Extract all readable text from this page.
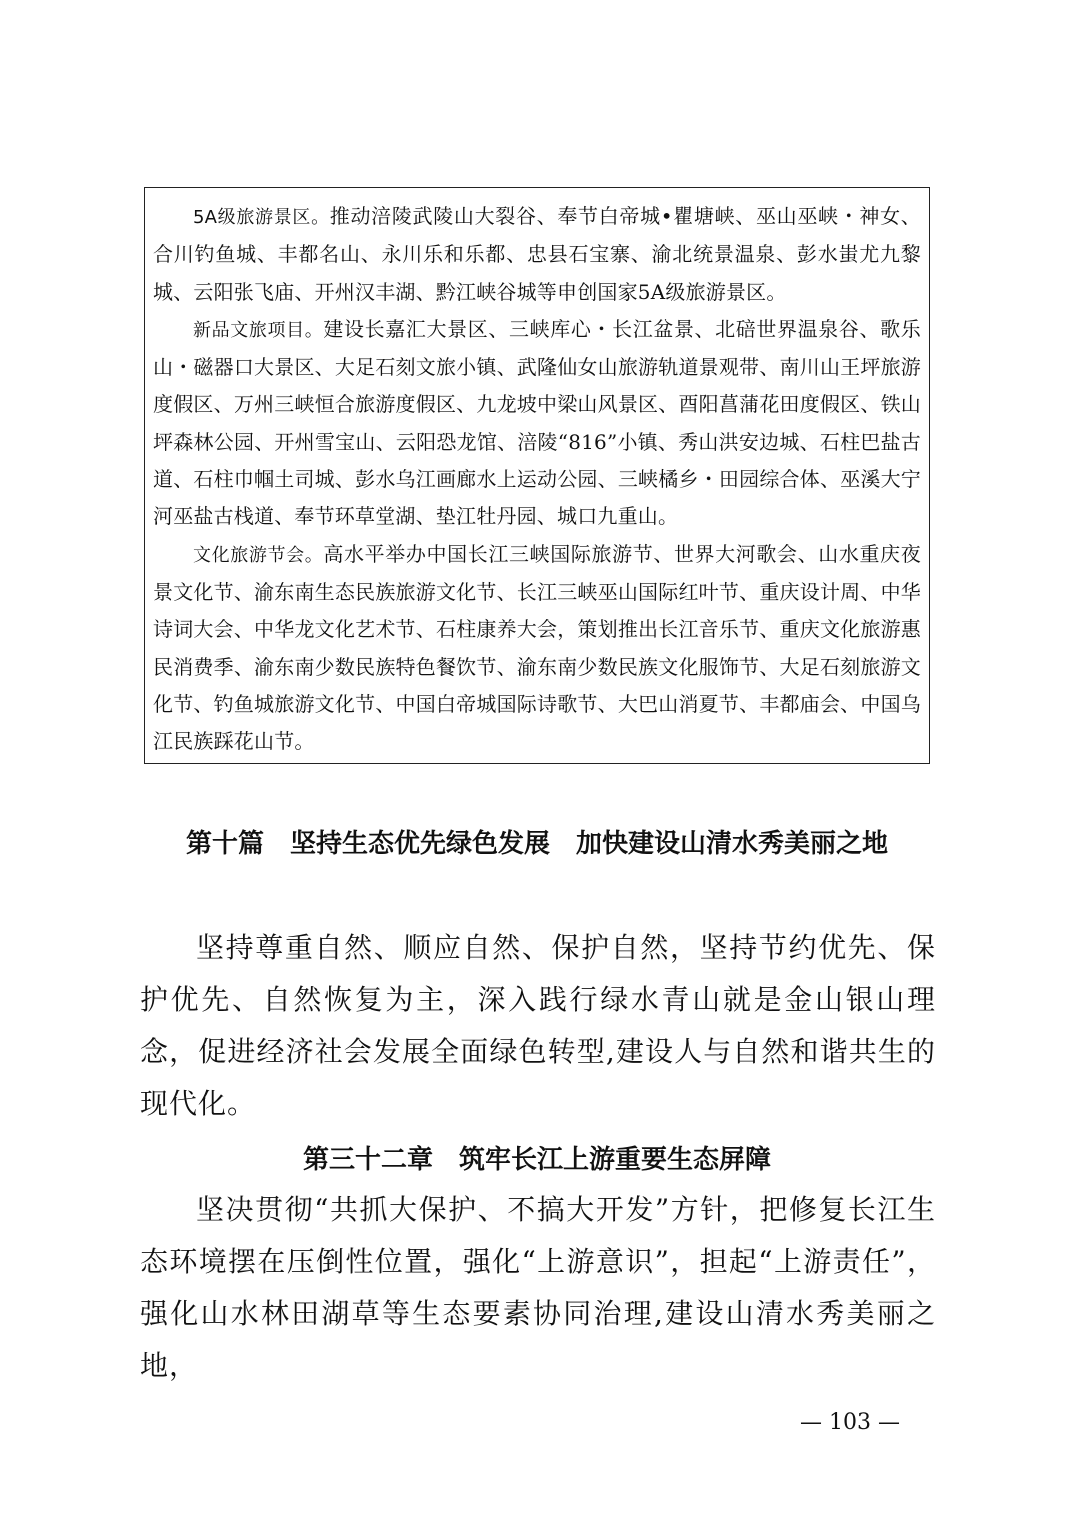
5A级旅游景区。推动涪陵武陵山大裂谷、奉节白帝城•瞿塘峡、巫山巫峡・神女、合川钓鱼城、丰都名山、永川乐和乐都、忠县石宝寨、渝北统景温泉、彭水蚩尤九黎城、云阳张飞庙、开州汉丰湖、黔江峡谷城等申创国家5A级旅游景区。

新品文旅项目。建设长嘉汇大景区、三峡库心・长江盆景、北碚世界温泉谷、歌乐山・磁器口大景区、大足石刻文旅小镇、武隆仙女山旅游轨道景观带、南川山王坪旅游度假区、万州三峡恒合旅游度假区、九龙坡中梁山风景区、酉阳菖蒲花田度假区、铁山坪森林公园、开州雪宝山、云阳恐龙馆、涪陵“816”小镇、秀山洪安边城、石柱巴盐古道、石柱巾帼土司城、彭水乌江画廊水上运动公园、三峡橘乡・田园综合体、巫溪大宁河巫盐古栈道、奉节环草堂湖、垫江牡丹园、城口九重山。

文化旅游节会。高水平举办中国长江三峡国际旅游节、世界大河歌会、山水重庆夜景文化节、渝东南生态民族旅游文化节、长江三峡巫山国际红叶节、重庆设计周、中华诗词大会、中华龙文化艺术节、石柱康养大会，策划推出长江音乐节、重庆文化旅游惠民消费季、渝东南少数民族特色餐饮节、渝东南少数民族文化服饰节、大足石刻旅游文化节、钓鱼城旅游文化节、中国白帝城国际诗歌节、大巴山消夏节、丰都庙会、中国乌江民族踩花山节。

第十篇　坚持生态优先绿色发展　加快建设山清水秀美丽之地

坚持尊重自然、顺应自然、保护自然，坚持节约优先、保护优先、自然恢复为主，深入践行绿水青山就是金山银山理念，促进经济社会发展全面绿色转型,建设人与自然和谐共生的现代化。

第三十二章　筑牢长江上游重要生态屏障

坚决贯彻“共抓大保护、不搞大开发”方针，把修复长江生态环境摆在压倒性位置，强化“上游意识”，担起“上游责任”，强化山水林田湖草等生态要素协同治理,建设山清水秀美丽之地，

— 103 —
